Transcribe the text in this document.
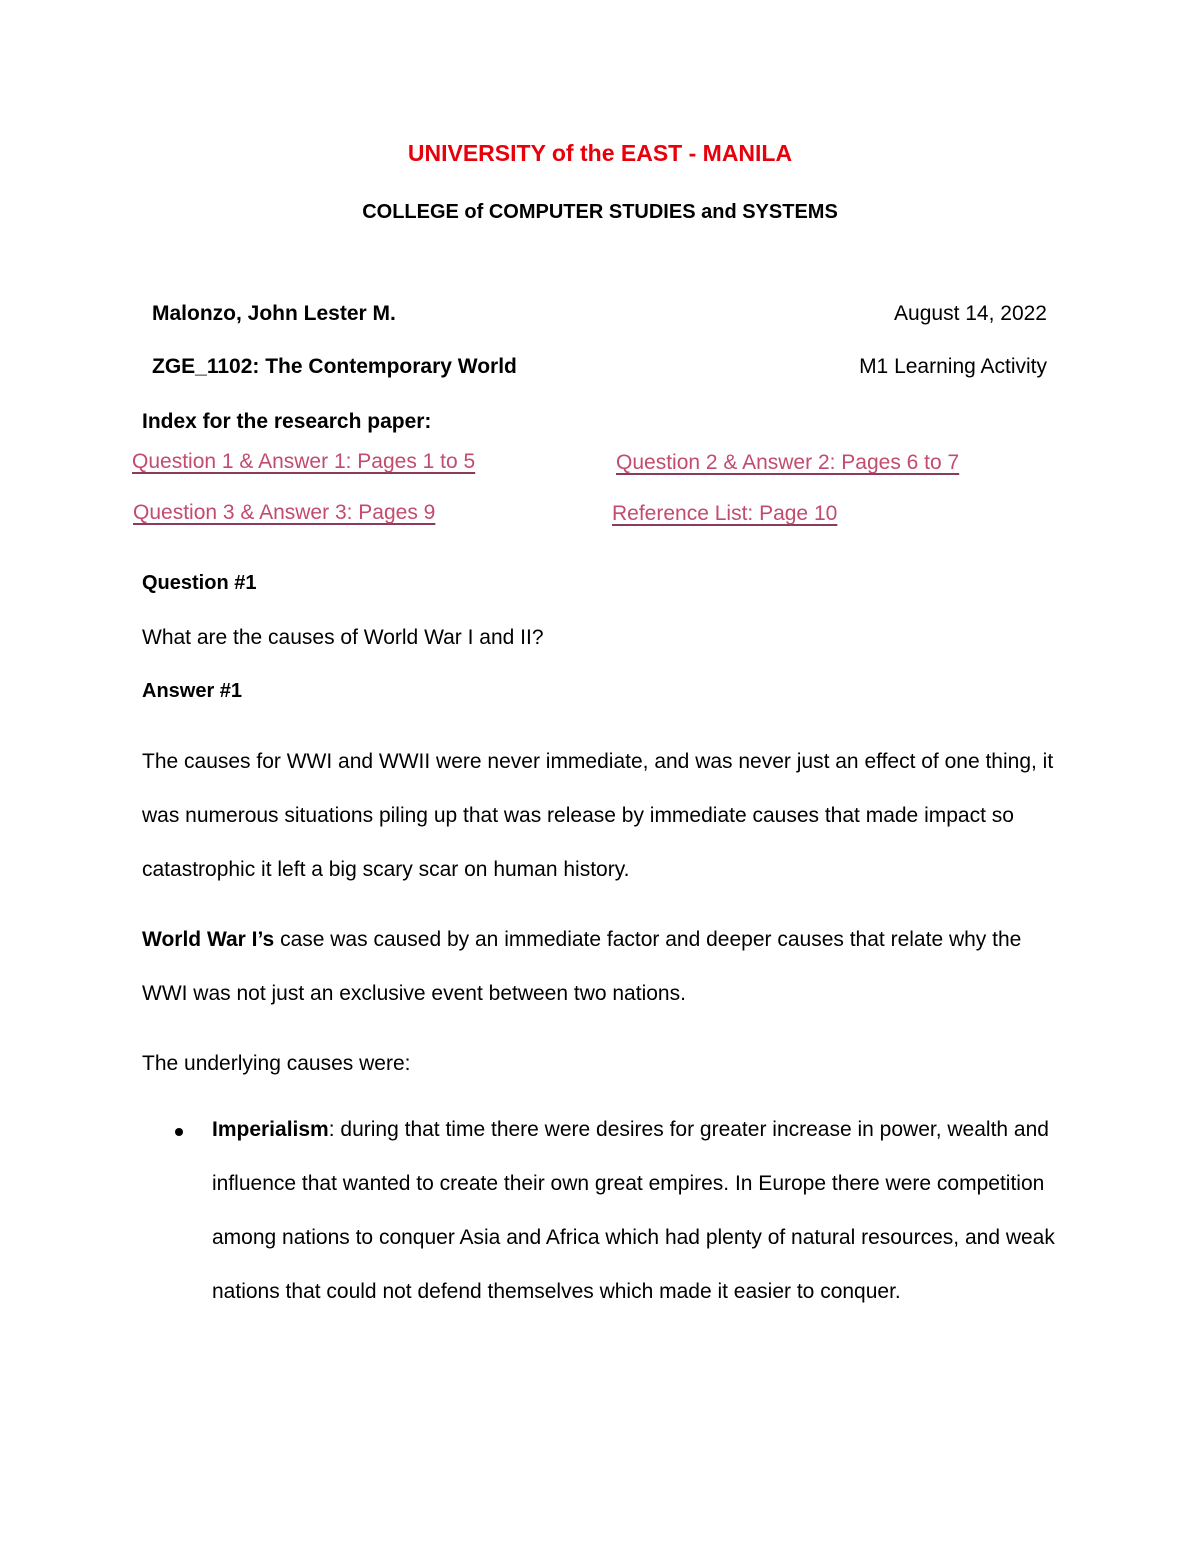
UNIVERSITY of the EAST - MANILA
COLLEGE of COMPUTER STUDIES and SYSTEMS
Malonzo, John Lester M.	August 14, 2022
ZGE_1102: The Contemporary World	M1 Learning Activity
Index for the research paper:
Question 1 & Answer 1: Pages 1 to 5	Question 2 & Answer 2: Pages 6 to 7
Question 3 & Answer 3: Pages 9	Reference List: Page 10
Question #1
What are the causes of World War I and II?
Answer #1

The causes for WWI and WWII were never immediate, and was never just an effect of one thing, it was numerous situations piling up that was release by immediate causes that made impact so catastrophic it left a big scary scar on human history.

World War I’s case was caused by an immediate factor and deeper causes that relate why the WWI was not just an exclusive event between two nations.

The underlying causes were:

Imperialism: during that time there were desires for greater increase in power, wealth and influence that wanted to create their own great empires. In Europe there were competition among nations to conquer Asia and Africa which had plenty of natural resources, and weak nations that could not defend themselves which made it easier to conquer.
